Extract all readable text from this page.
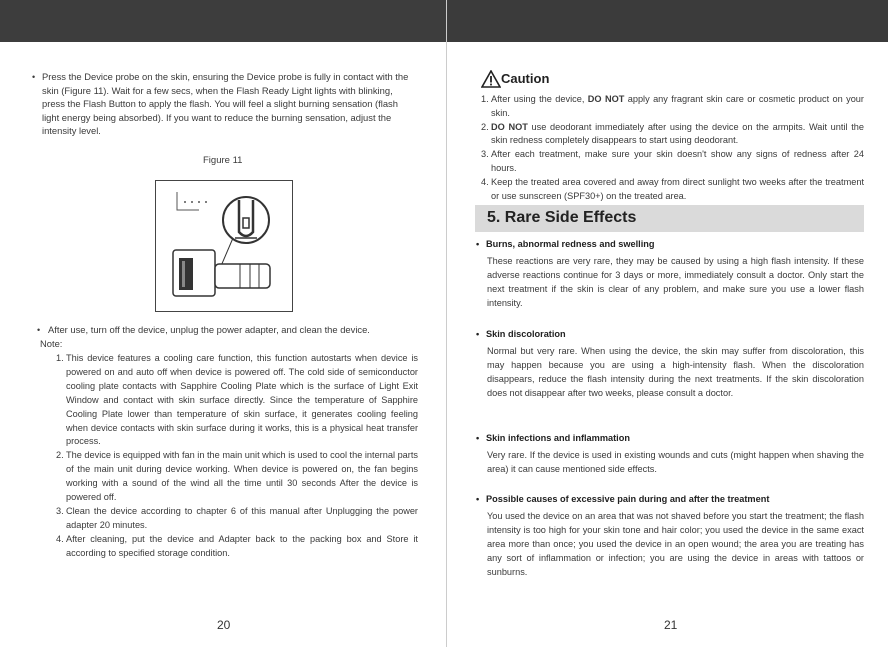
• Press the Device probe on the skin, ensuring the Device probe is fully in contact with the skin (Figure 11). Wait for a few secs, when the Flash Ready Light lights with blinking, press the Flash Button to apply the flash. You will feel a slight burning sensation (flash light energy being absorbed). If you want to reduce the burning sensation, adjust the intensity level.
Figure 11
• After use, turn off the device, unplug the power adapter, and clean the device.
Note:
1. This device features a cooling care function, this function autostarts when device is powered on and auto off when device is powered off. The cold side of semiconductor cooling plate contacts with Sapphire Cooling Plate which is the surface of Light Exit Window and contact with skin surface directly. Since the temperature of Sapphire Cooling Plate lower than temperature of skin surface, it generates cooling feeling when device contacts with skin surface during it works, this is a physical heat transfer process.
2. The device is equipped with fan in the main unit which is used to cool the internal parts of the main unit during device working. When device is powered on, the fan begins working with a sound of the wind all the time until 30 seconds After the device is powered off.
3. Clean the device according to chapter 6 of this manual after Unplugging the power adapter 20 minutes.
4. After cleaning, put the device and Adapter back to the packing box and Store it according to specified storage condition.
20
Caution
1. After using the device, DO NOT apply any fragrant skin care or cosmetic product on your skin.
2. DO NOT use deodorant immediately after using the device on the armpits. Wait until the skin redness completely disappears to start using deodorant.
3. After each treatment, make sure your skin doesn't show any signs of redness after 24 hours.
4. Keep the treated area covered and away from direct sunlight two weeks after the treatment or use sunscreen (SPF30+) on the treated area.
5. Rare Side Effects
• Burns, abnormal redness and swelling
These reactions are very rare, they may be caused by using a high flash intensity. If these adverse reactions continue for 3 days or more, immediately consult a doctor. Only start the next treatment if the skin is clear of any problem, and make sure you use a lower flash intensity.
• Skin discoloration
Normal but very rare. When using the device, the skin may suffer from discoloration, this may happen because you are using a high-intensity flash. When the discoloration disappears, reduce the flash intensity during the next treatments. If the skin discoloration does not disappear after two weeks, please consult a doctor.
• Skin infections and inflammation
Very rare. If the device is used in existing wounds and cuts (might happen when shaving the area) it can cause mentioned side effects.
• Possible causes of excessive pain during and after the treatment
You used the device on an area that was not shaved before you start the treatment; the flash intensity is too high for your skin tone and hair color; you used the device in the same exact area more than once; you used the device in an open wound; the area you are treating has any sort of inflammation or infection; you are using the device in areas with tattoos or sunburns.
21
